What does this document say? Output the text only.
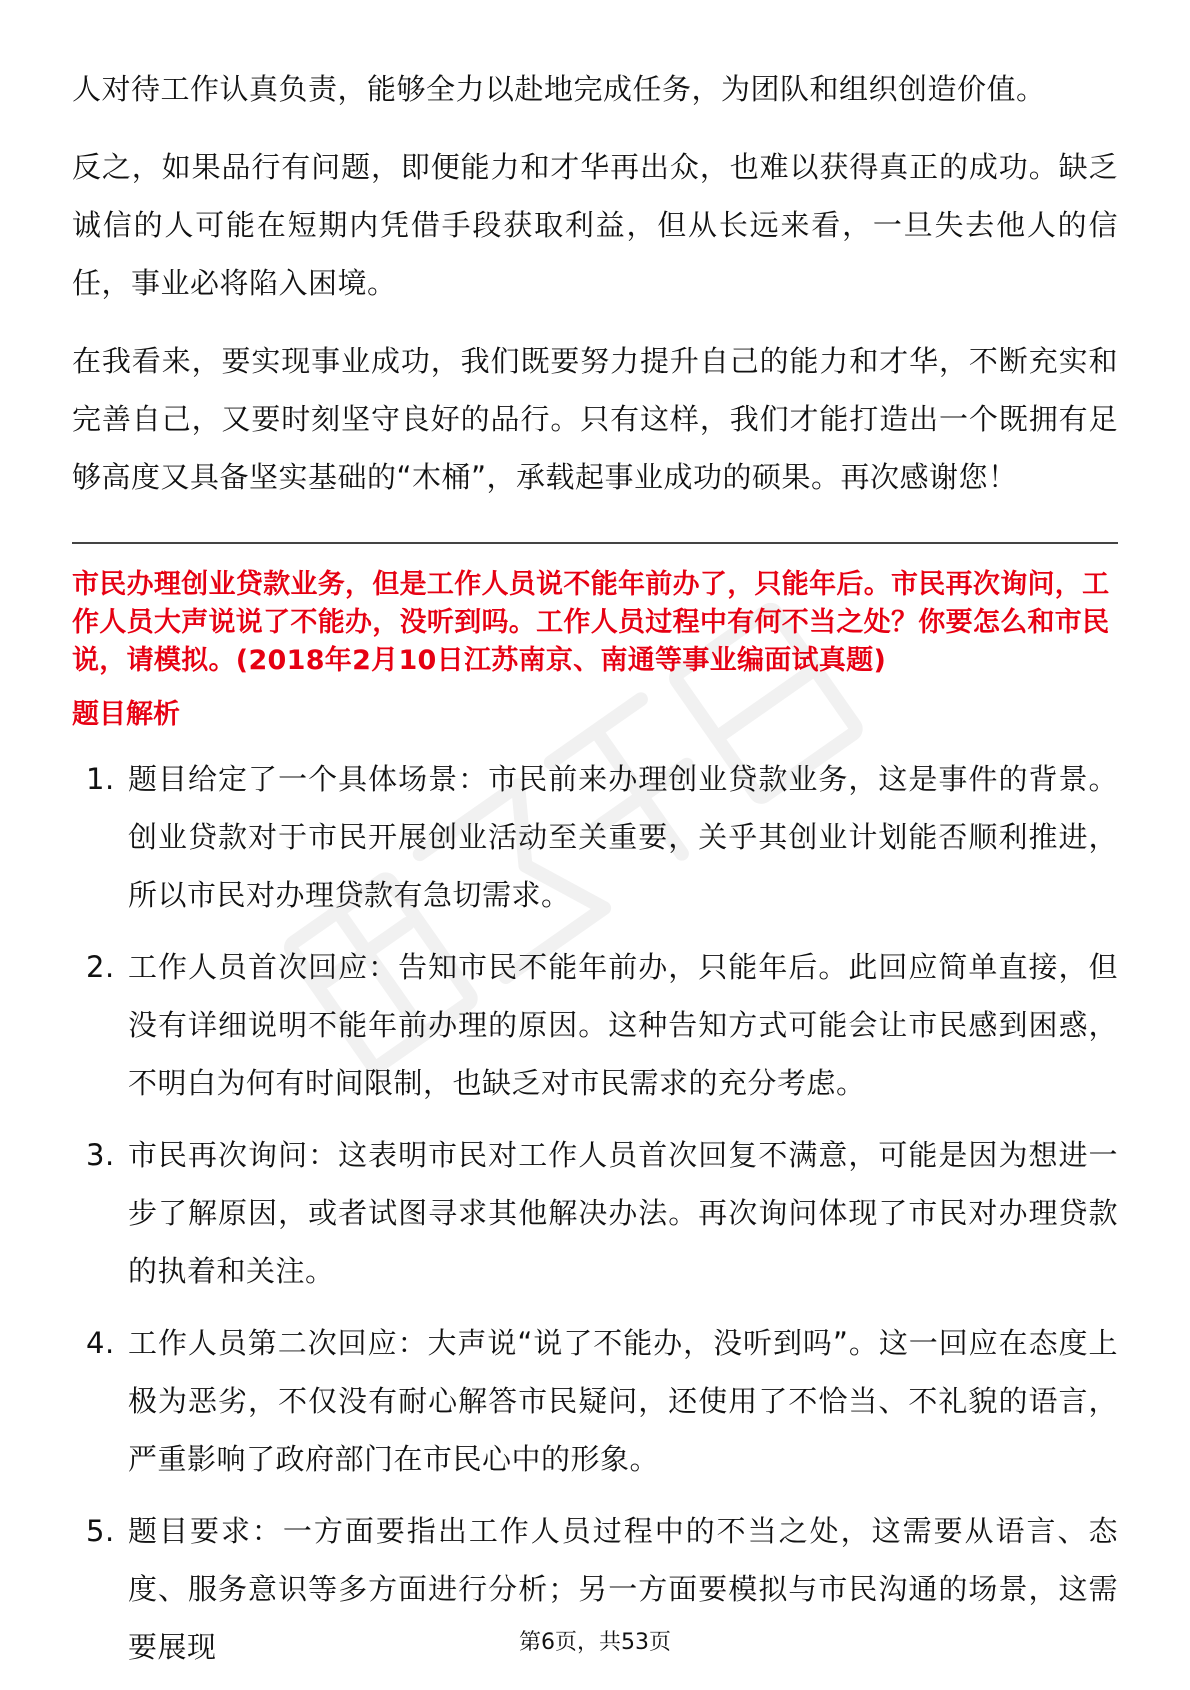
人对待工作认真负责，能够全力以赴地完成任务，为团队和组织创造价值。

反之，如果品行有问题，即便能力和才华再出众，也难以获得真正的成功。缺乏诚信的人可能在短期内凭借手段获取利益，但从长远来看，一旦失去他人的信任，事业必将陷入困境。

在我看来，要实现事业成功，我们既要努力提升自己的能力和才华，不断充实和完善自己，又要时刻坚守良好的品行。只有这样，我们才能打造出一个既拥有足够高度又具备坚实基础的“木桶”，承载起事业成功的硕果。再次感谢您！

市民办理创业贷款业务，但是工作人员说不能年前办了，只能年后。市民再次询问，工作人员大声说说了不能办，没听到吗。工作人员过程中有何不当之处？你要怎么和市民说，请模拟。(2018年2月10日江苏南京、南通等事业编面试真题)

题目解析
1. 题目给定了一个具体场景：市民前来办理创业贷款业务，这是事件的背景。创业贷款对于市民开展创业活动至关重要，关乎其创业计划能否顺利推进，所以市民对办理贷款有急切需求。
2. 工作人员首次回应：告知市民不能年前办，只能年后。此回应简单直接，但没有详细说明不能年前办理的原因。这种告知方式可能会让市民感到困惑，不明白为何有时间限制，也缺乏对市民需求的充分考虑。
3. 市民再次询问：这表明市民对工作人员首次回复不满意，可能是因为想进一步了解原因，或者试图寻求其他解决办法。再次询问体现了市民对办理贷款的执着和关注。
4. 工作人员第二次回应：大声说“说了不能办，没听到吗”。这一回应在态度上极为恶劣，不仅没有耐心解答市民疑问，还使用了不恰当、不礼貌的语言，严重影响了政府部门在市民心中的形象。
5. 题目要求：一方面要指出工作人员过程中的不当之处，这需要从语言、态度、服务意识等多方面进行分析；另一方面要模拟与市民沟通的场景，这需要展现	第6页，共53页
